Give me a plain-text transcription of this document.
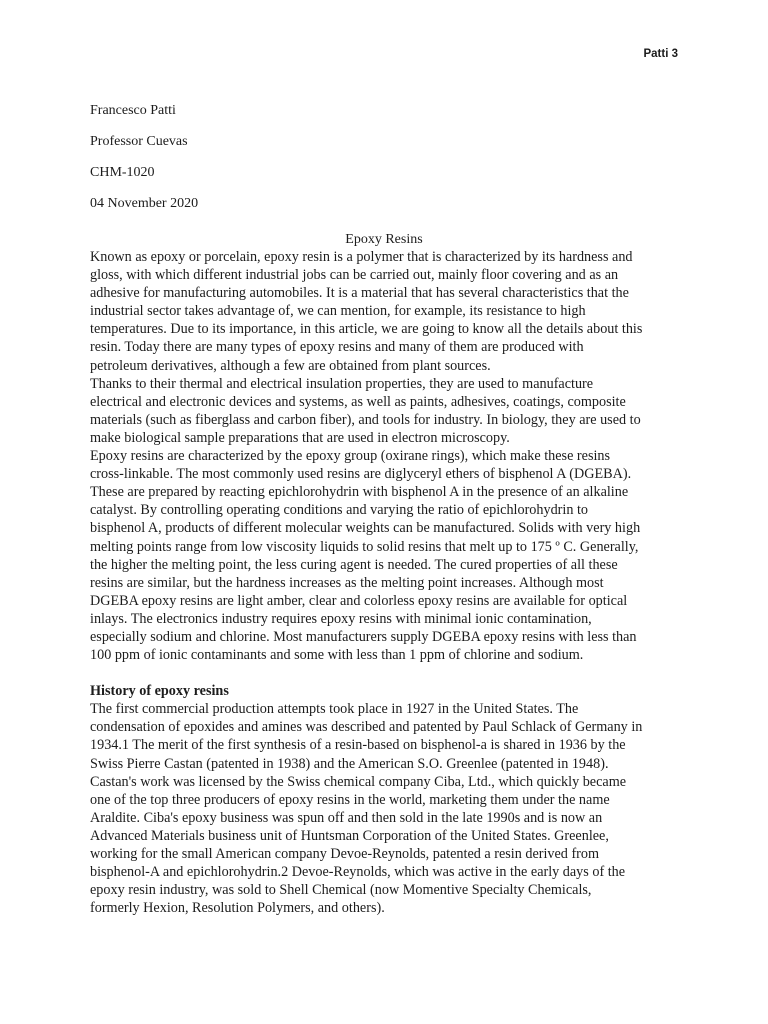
Patti 3
Francesco Patti
Professor Cuevas
CHM-1020
04 November 2020
Epoxy Resins
Known as epoxy or porcelain, epoxy resin is a polymer that is characterized by its hardness and
gloss, with which different industrial jobs can be carried out, mainly floor covering and as an
adhesive for manufacturing automobiles. It is a material that has several characteristics that the
industrial sector takes advantage of, we can mention, for example, its resistance to high
temperatures. Due to its importance, in this article, we are going to know all the details about this
resin. Today there are many types of epoxy resins and many of them are produced with
petroleum derivatives, although a few are obtained from plant sources.
Thanks to their thermal and electrical insulation properties, they are used to manufacture
electrical and electronic devices and systems, as well as paints, adhesives, coatings, composite
materials (such as fiberglass and carbon fiber), and tools for industry. In biology, they are used to
make biological sample preparations that are used in electron microscopy.
Epoxy resins are characterized by the epoxy group (oxirane rings), which make these resins
cross-linkable. The most commonly used resins are diglyceryl ethers of bisphenol A (DGEBA).
These are prepared by reacting epichlorohydrin with bisphenol A in the presence of an alkaline
catalyst. By controlling operating conditions and varying the ratio of epichlorohydrin to
bisphenol A, products of different molecular weights can be manufactured. Solids with very high
melting points range from low viscosity liquids to solid resins that melt up to 175 º C. Generally,
the higher the melting point, the less curing agent is needed. The cured properties of all these
resins are similar, but the hardness increases as the melting point increases. Although most
DGEBA epoxy resins are light amber, clear and colorless epoxy resins are available for optical
inlays. The electronics industry requires epoxy resins with minimal ionic contamination,
especially sodium and chlorine. Most manufacturers supply DGEBA epoxy resins with less than
100 ppm of ionic contaminants and some with less than 1 ppm of chlorine and sodium.
History of epoxy resins
The first commercial production attempts took place in 1927 in the United States. The
condensation of epoxides and amines was described and patented by Paul Schlack of Germany in
1934.1 The merit of the first synthesis of a resin-based on bisphenol-a is shared in 1936 by the
Swiss Pierre Castan (patented in 1938) and the American S.O. Greenlee (patented in 1948).
Castan's work was licensed by the Swiss chemical company Ciba, Ltd., which quickly became
one of the top three producers of epoxy resins in the world, marketing them under the name
Araldite. Ciba's epoxy business was spun off and then sold in the late 1990s and is now an
Advanced Materials business unit of Huntsman Corporation of the United States. Greenlee,
working for the small American company Devoe-Reynolds, patented a resin derived from
bisphenol-A and epichlorohydrin.2 Devoe-Reynolds, which was active in the early days of the
epoxy resin industry, was sold to Shell Chemical (now Momentive Specialty Chemicals,
formerly Hexion, Resolution Polymers, and others).
